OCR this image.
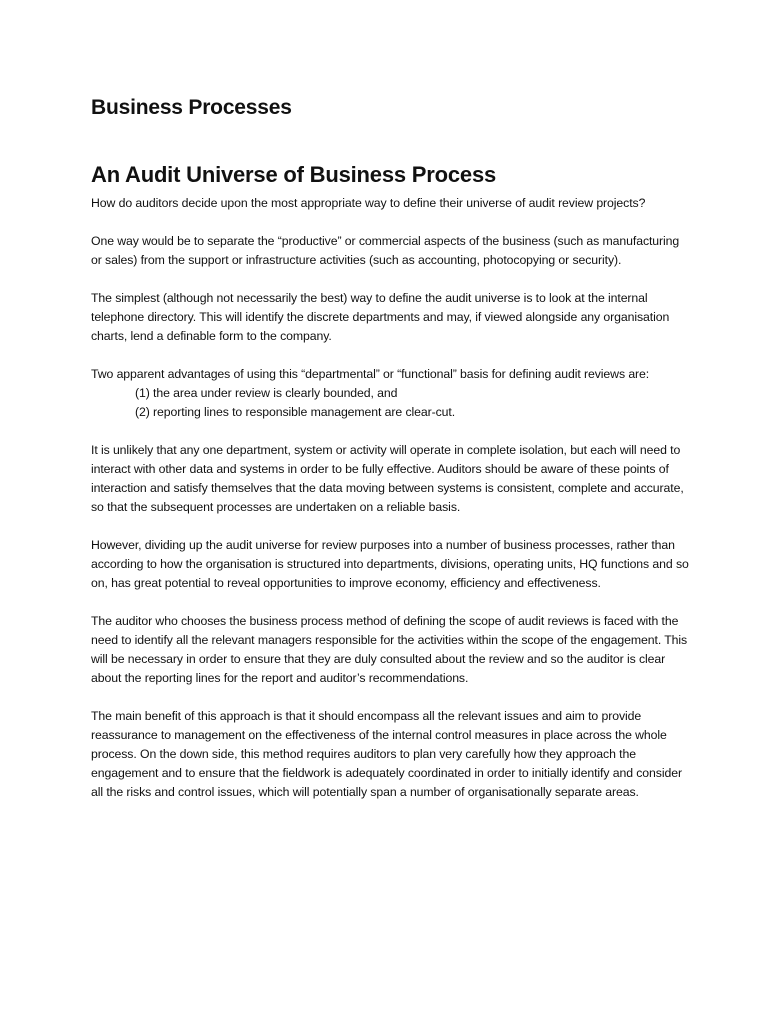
Business Processes
An Audit Universe of Business Process

How do auditors decide upon the most appropriate way to define their universe of audit review projects?

One way would be to separate the “productive” or commercial aspects of the business (such as manufacturing or sales) from the support or infrastructure activities (such as accounting, photocopying or security).

The simplest (although not necessarily the best) way to define the audit universe is to look at the internal telephone directory. This will identify the discrete departments and may, if viewed alongside any organisation charts, lend a definable form to the company.

Two apparent advantages of using this “departmental” or “functional” basis for defining audit reviews are:

(1) the area under review is clearly bounded, and
(2) reporting lines to responsible management are clear-cut.

It is unlikely that any one department, system or activity will operate in complete isolation, but each will need to interact with other data and systems in order to be fully effective. Auditors should be aware of these points of interaction and satisfy themselves that the data moving between systems is consistent, complete and accurate, so that the subsequent processes are undertaken on a reliable basis.

However, dividing up the audit universe for review purposes into a number of business processes, rather than according to how the organisation is structured into departments, divisions, operating units, HQ functions and so on, has great potential to reveal opportunities to improve economy, efficiency and effectiveness.

The auditor who chooses the business process method of defining the scope of audit reviews is faced with the need to identify all the relevant managers responsible for the activities within the scope of the engagement. This will be necessary in order to ensure that they are duly consulted about the review and so the auditor is clear about the reporting lines for the report and auditor’s recommendations.

The main benefit of this approach is that it should encompass all the relevant issues and aim to provide reassurance to management on the effectiveness of the internal control measures in place across the whole process. On the down side, this method requires auditors to plan very carefully how they approach the engagement and to ensure that the fieldwork is adequately coordinated in order to initially identify and consider all the risks and control issues, which will potentially span a number of organisationally separate areas.
